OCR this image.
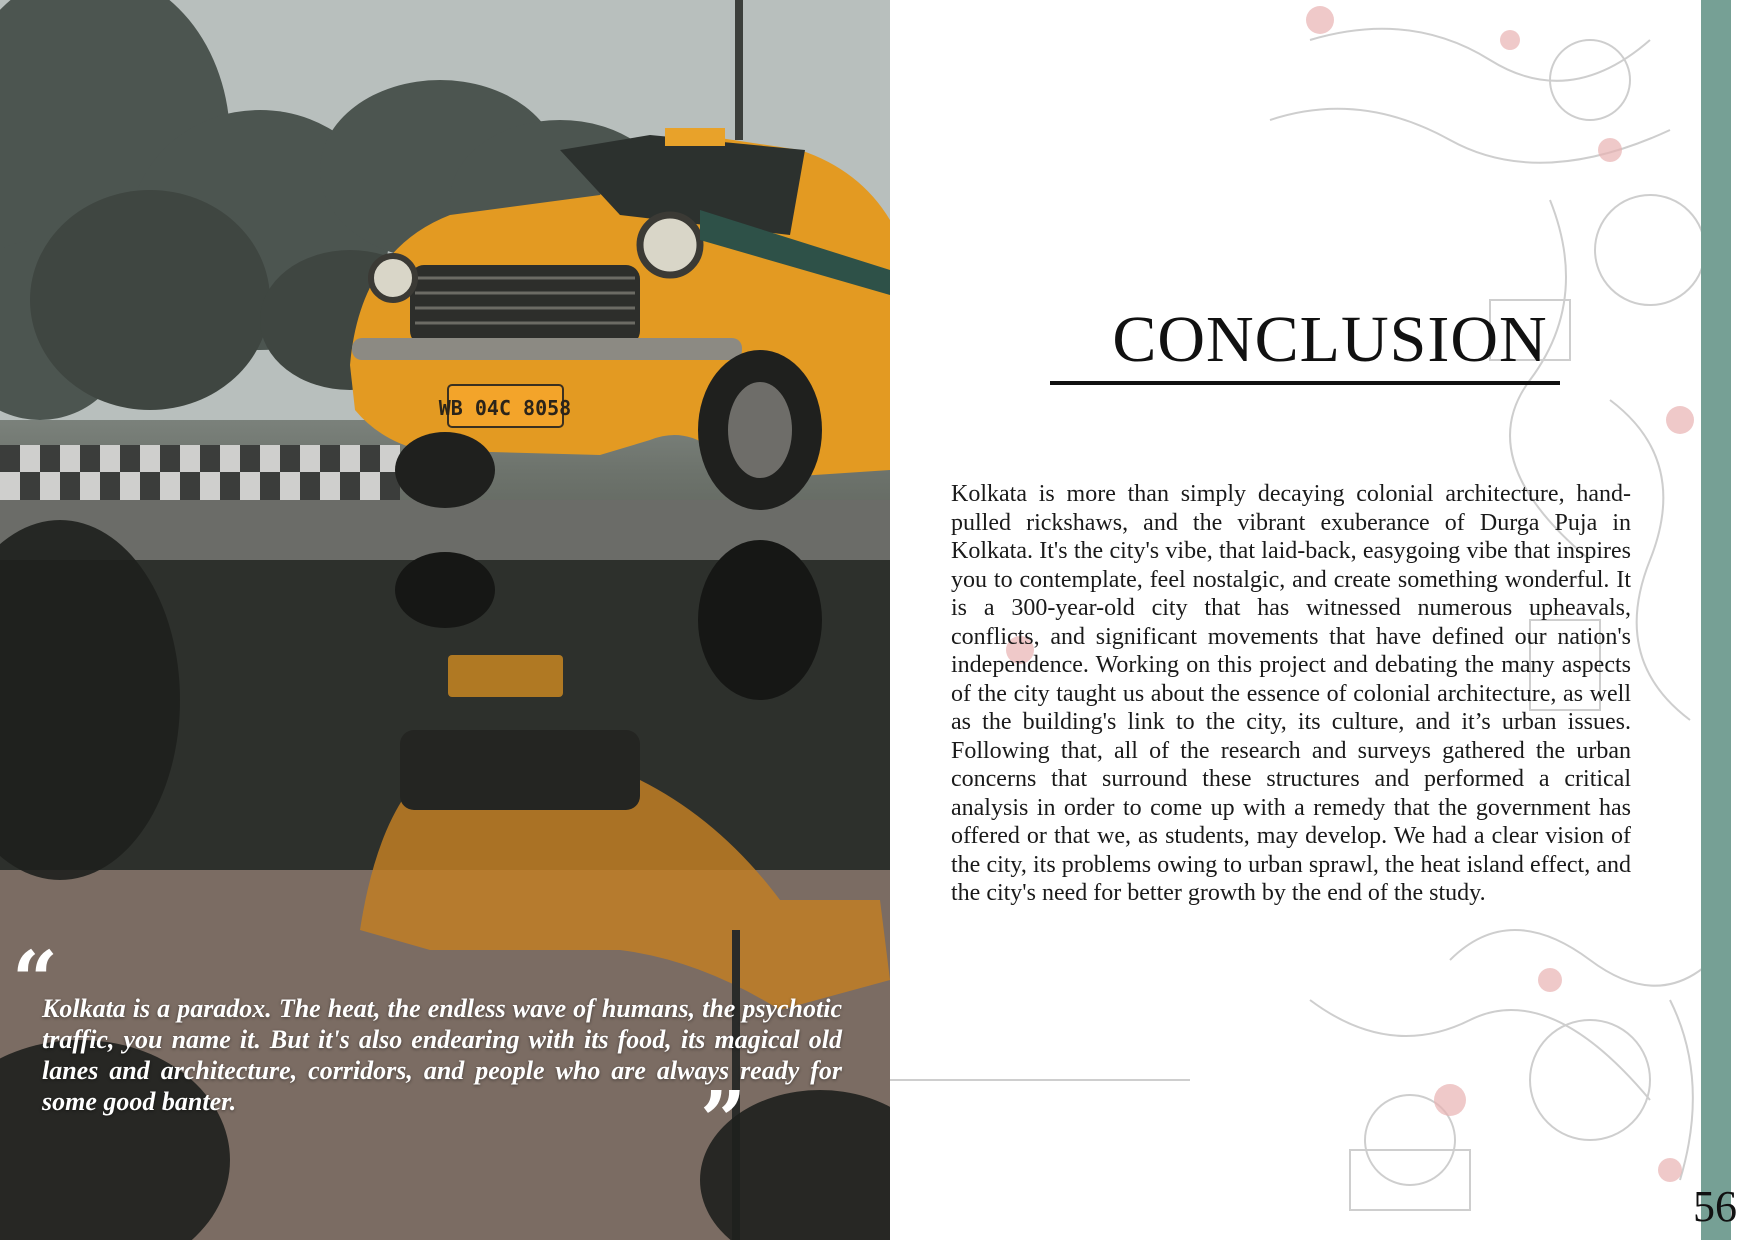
WB 04C 8058
“

Kolkata is a paradox. The heat, the endless wave of humans, the psychotic traffic, you name it. But it's also endearing with its food, its magical old lanes and architecture, corridors, and people who are always ready for some good banter.	”
CONCLUSION

Kolkata is more than simply decaying colonial architecture, hand-pulled rickshaws, and the vibrant exuberance of Durga Puja in Kolkata. It's the city's vibe, that laid-back, easygoing vibe that inspires you to contemplate, feel nostalgic, and create something wonderful. It is a 300-year-old city that has witnessed numerous upheavals, conflicts, and significant movements that have defined our nation's independence. Working on this project and debating the many aspects of the city taught us about the essence of colonial architecture, as well as the building's link to the city, its culture, and it’s urban issues. Following that, all of the research and surveys gathered the urban concerns that surround these structures and performed a critical analysis in order to come up with a remedy that the government has offered or that we, as students, may develop. We had a clear vision of the city, its problems owing to urban sprawl, the heat island effect, and the city's need for better growth by the end of the study.

56
